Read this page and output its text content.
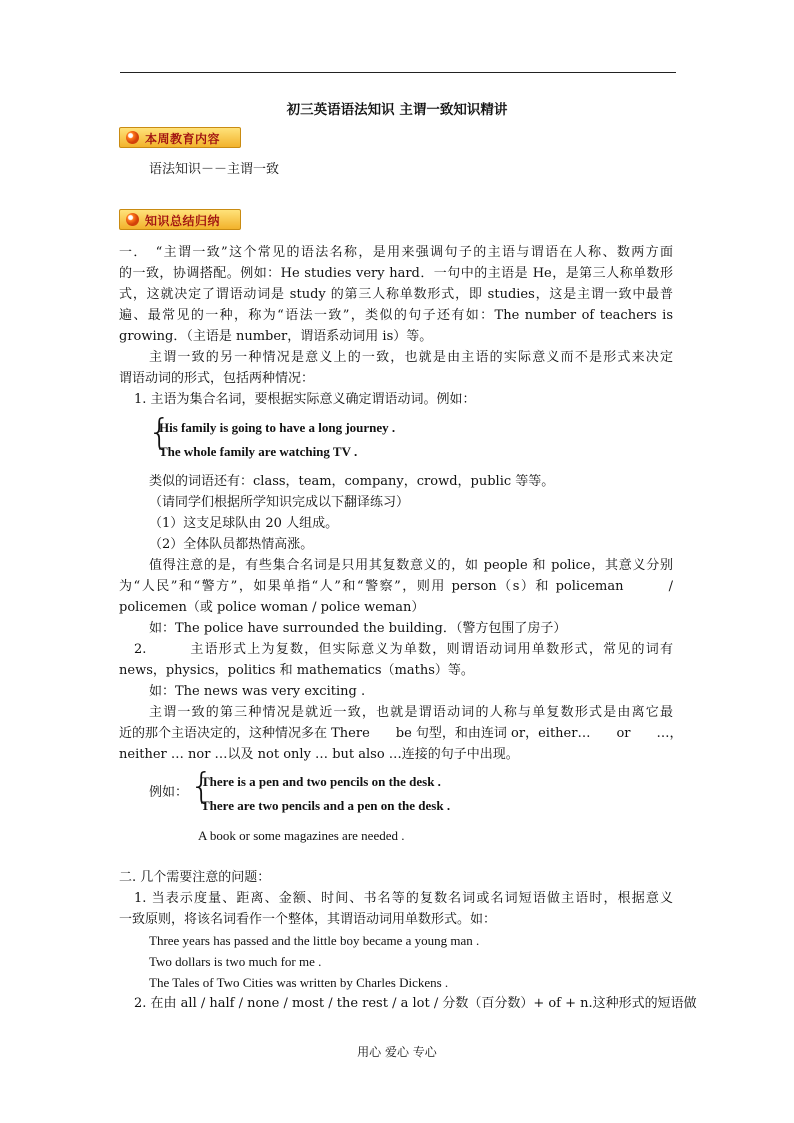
初三英语语法知识 主谓一致知识精讲
本周教育内容
语法知识－－主谓一致
知识总结归纳
一．　“主谓一致”这个常见的语法名称，是用来强调句子的主语与谓语在人称、数两方面
的一致，协调搭配。例如：He studies very hard．一句中的主语是 He，是第三人称单数形
式，这就决定了谓语动词是 study 的第三人称单数形式，即 studies，这是主谓一致中最普
遍、最常见的一种，称为“语法一致”，类似的句子还有如：The number of teachers is
growing．（主语是 number，谓语系动词用 is）等。
主谓一致的另一种情况是意义上的一致，也就是由主语的实际意义而不是形式来决定
谓语动词的形式，包括两种情况：
1. 主语为集合名词，要根据实际意义确定谓语动词。例如：
{
His family is going to have a long journey .
The whole family are watching TV .
类似的词语还有：class，team，company，crowd，public 等等。
（请同学们根据所学知识完成以下翻译练习）
（1）这支足球队由 20 人组成。
（2）全体队员都热情高涨。
值得注意的是，有些集合名词是只用其复数意义的，如 people 和 police，其意义分别
为“人民”和“警方”，如果单指“人”和“警察”，则用 person（s）和 policeman　　　/
policemen（或 police woman / police weman）
如：The police have surrounded the building．（警方包围了房子）
2.　　　主语形式上为复数，但实际意义为单数，则谓语动词用单数形式，常见的词有
news，physics，politics 和 mathematics（maths）等。
如：The news was very exciting .
主谓一致的第三种情况是就近一致，也就是谓语动词的人称与单复数形式是由离它最
近的那个主语决定的，这种情况多在 There　　be 句型，和由连词 or，either…　　or　　…，
neither … nor …以及 not only … but also …连接的句子中出现。
例如： {
There is a pen and two pencils on the desk .
There are two pencils and a pen on the desk .
A book or some magazines are needed .
二. 几个需要注意的问题：
1. 当表示度量、距离、金额、时间、书名等的复数名词或名词短语做主语时，根据意义
一致原则，将该名词看作一个整体，其谓语动词用单数形式。如：
Three years has passed and the little boy became a young man .
Two dollars is two much for me .
The Tales of Two Cities was written by Charles Dickens .
2. 在由 all / half / none / most / the rest / a lot / 分数（百分数）+ of + n.这种形式的短语做
用心 爱心 专心
